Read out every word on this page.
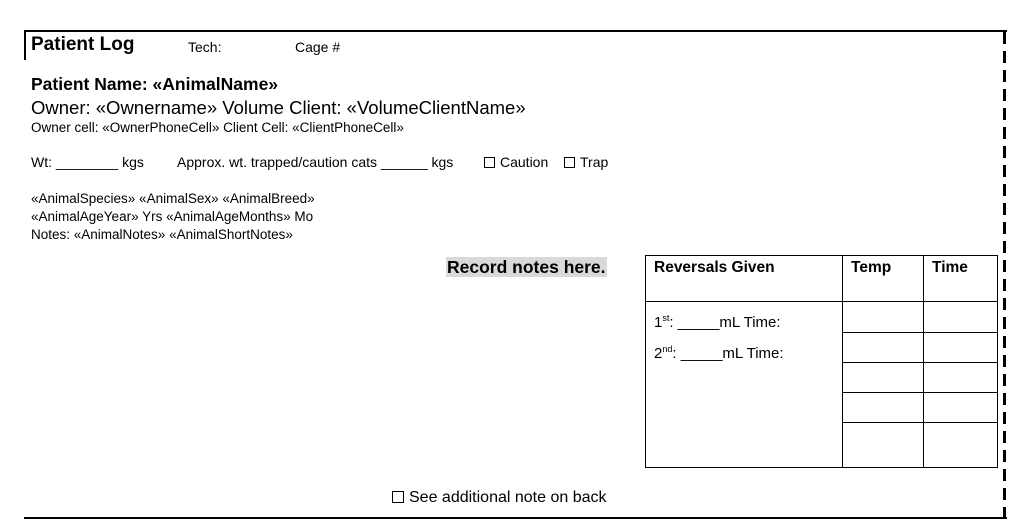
Patient Log	Tech:	Cage #
Patient Name: «AnimalName»
Owner: «Ownername» Volume Client: «VolumeClientName»
Owner cell: «OwnerPhoneCell» Client Cell: «ClientPhoneCell»
Wt: ________ kgs Approx. wt. trapped/caution cats ______ kgs	Caution	Trap
«AnimalSpecies» «AnimalSex» «AnimalBreed»
«AnimalAgeYear» Yrs «AnimalAgeMonths» Mo
Notes: «AnimalNotes» «AnimalShortNotes»
Record notes here.	Reversals Given	Temp	Time

1st: _____mL Time:
2nd: _____mL Time:		

See additional note on back
